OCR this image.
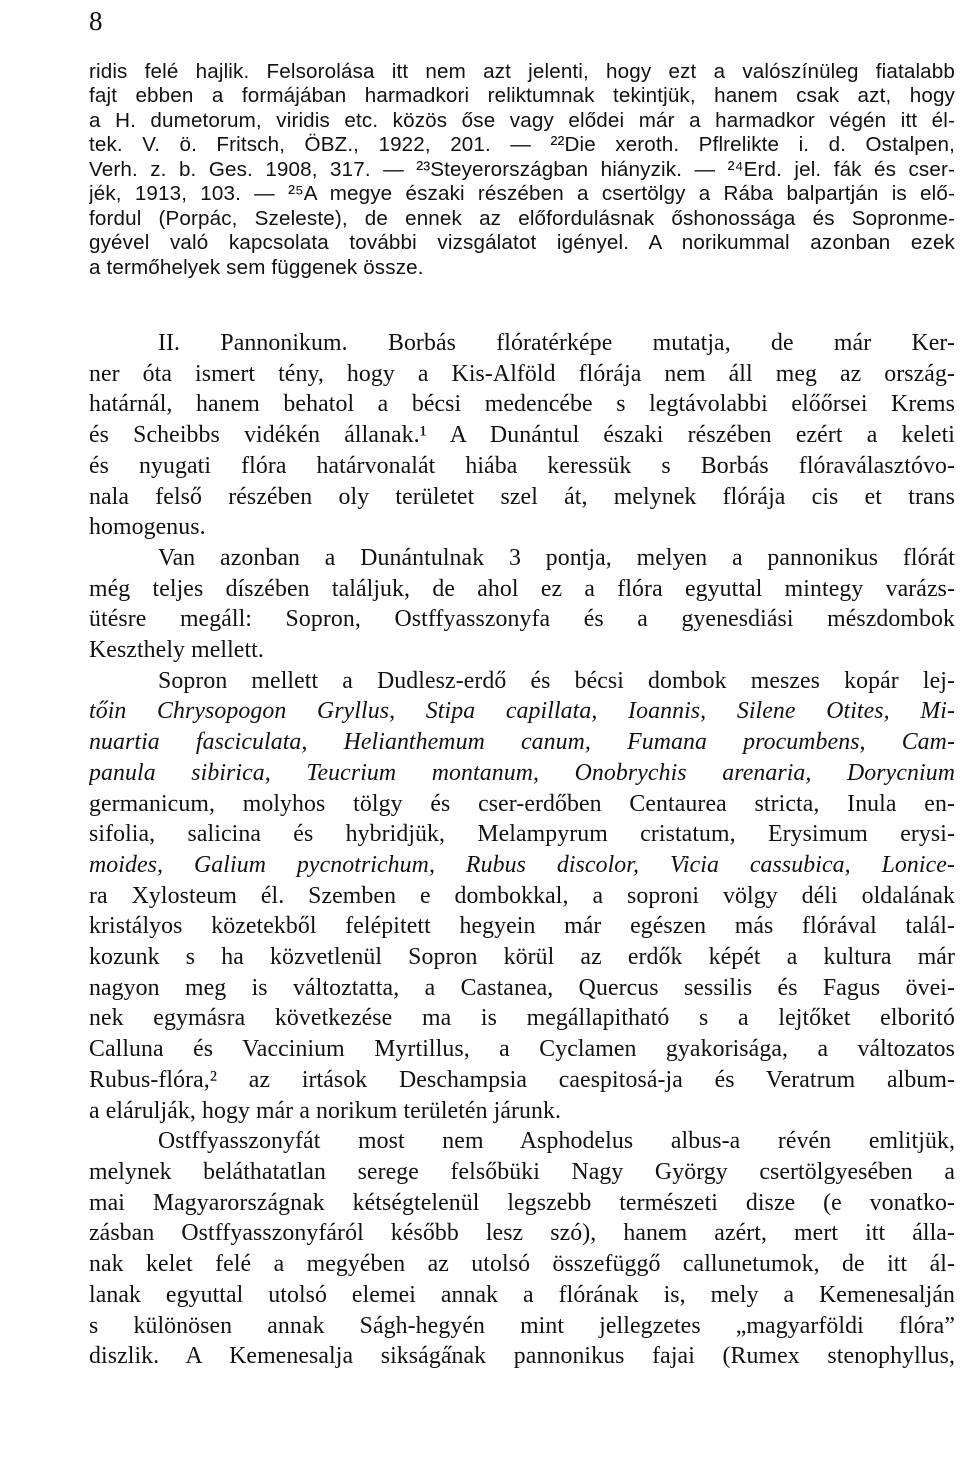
8
ridis felé hajlik. Felsorolása itt nem azt jelenti, hogy ezt a valószínüleg fiatalabb
fajt ebben a formájában harmadkori reliktumnak tekintjük, hanem csak azt, hogy
a H. dumetorum, viridis etc. közös őse vagy elődei már a harmadkor végén itt él-
tek. V. ö. Fritsch, ÖBZ., 1922, 201. — ²²Die xeroth. Pflrelikte i. d. Ostalpen,
Verh. z. b. Ges. 1908, 317. — ²³Steyerországban hiányzik. — ²⁴Erd. jel. fák és cser-
jék, 1913, 103. — ²⁵A megye északi részében a csertölgy a Rába balpartján is elő-
fordul (Porpác, Szeleste), de ennek az előfordulásnak őshonossága és Sopronme-
gyével való kapcsolata további vizsgálatot igényel. A norikummal azonban ezek
a termőhelyek sem függenek össze.
II. Pannonikum. Borbás flóratérképe mutatja, de már Ker-
ner óta ismert tény, hogy a Kis-Alföld flórája nem áll meg az ország-
határnál, hanem behatol a bécsi medencébe s legtávolabbi előőrsei Krems
és Scheibbs vidékén állanak.¹ A Dunántul északi részében ezért a keleti
és nyugati flóra határvonalát hiába keressük s Borbás flóraválasztóvo-
nala felső részében oly területet szel át, melynek flórája cis et trans
homogenus.
Van azonban a Dunántulnak 3 pontja, melyen a pannonikus flórát
még teljes díszében találjuk, de ahol ez a flóra egyuttal mintegy varázs-
ütésre megáll: Sopron, Ostffyasszonyfa és a gyenesdiási mészdombok
Keszthely mellett.
Sopron mellett a Dudlesz-erdő és bécsi dombok meszes kopár lej-
tőin Chrysopogon Gryllus, Stipa capillata, Ioannis, Silene Otites, Mi-
nuartia fasciculata, Helianthemum canum, Fumana procumbens, Cam-
panula sibirica, Teucrium montanum, Onobrychis arenaria, Dorycnium
germanicum, molyhos tölgy és cser-erdőben Centaurea stricta, Inula en-
sifolia, salicina és hybridjük, Melampyrum cristatum, Erysimum erysi-
moides, Galium pycnotrichum, Rubus discolor, Vicia cassubica, Lonice-
ra Xylosteum él. Szemben e dombokkal, a soproni völgy déli oldalának
kristályos közetekből felépitett hegyein már egészen más flórával talál-
kozunk s ha közvetlenül Sopron körül az erdők képét a kultura már
nagyon meg is változtatta, a Castanea, Quercus sessilis és Fagus övei-
nek egymásra következése ma is megállapitható s a lejtőket elboritó
Calluna és Vaccinium Myrtillus, a Cyclamen gyakorisága, a változatos
Rubus-flóra,² az irtások Deschampsia caespitosá-ja és Veratrum album-
a elárulják, hogy már a norikum területén járunk.
Ostffyasszonyfát most nem Asphodelus albus-a révén emlitjük,
melynek beláthatatlan serege felsőbüki Nagy György csertölgyesében a
mai Magyarországnak kétségtelenül legszebb természeti disze (e vonatko-
zásban Ostffyasszonyfáról később lesz szó), hanem azért, mert itt álla-
nak kelet felé a megyében az utolsó összefüggő callunetumok, de itt ál-
lanak egyuttal utolsó elemei annak a flórának is, mely a Kemenesalján
s különösen annak Ságh-hegyén mint jellegzetes „magyarföldi flóra”
diszlik. A Kemenesalja siksága̋nak pannonikus fajai (Rumex stenophyllus,
